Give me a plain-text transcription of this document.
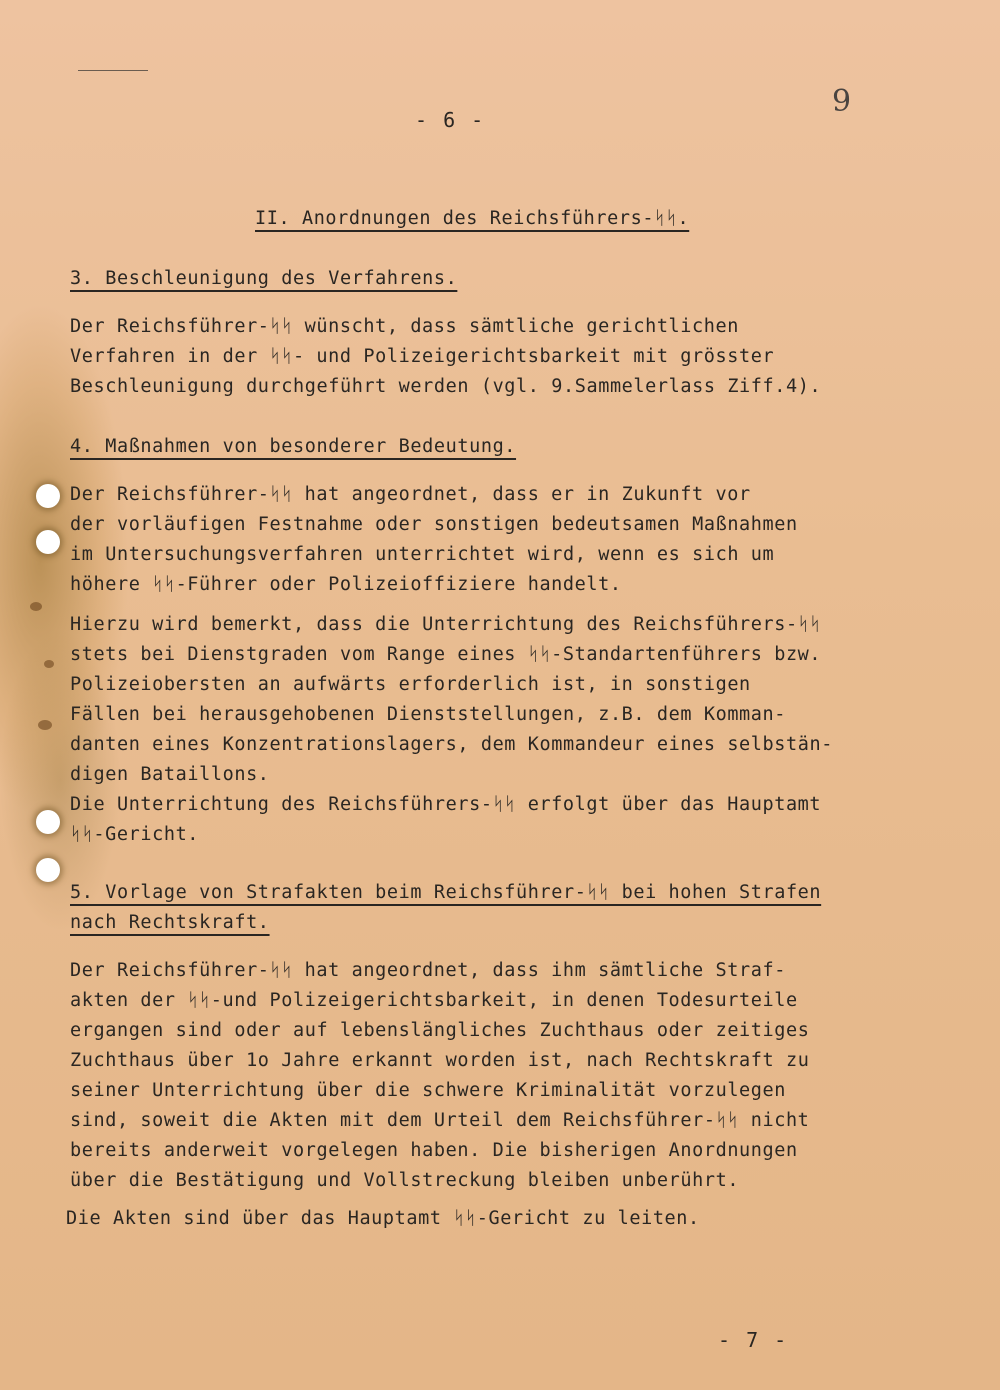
- 6 -
9
II. Anordnungen des Reichsführers-ᛋᛋ.
3. Beschleunigung des Verfahrens.
Der Reichsführer-ᛋᛋ wünscht, dass sämtliche gerichtlichen
Verfahren in der ᛋᛋ- und Polizeigerichtsbarkeit mit grösster
Beschleunigung durchgeführt werden (vgl. 9.Sammelerlass Ziff.4).
4. Maßnahmen von besonderer Bedeutung.
Der Reichsführer-ᛋᛋ hat angeordnet, dass er in Zukunft vor
der vorläufigen Festnahme oder sonstigen bedeutsamen Maßnahmen
im Untersuchungsverfahren unterrichtet wird, wenn es sich um
höhere ᛋᛋ-Führer oder Polizeioffiziere handelt.
Hierzu wird bemerkt, dass die Unterrichtung des Reichsführers-ᛋᛋ
stets bei Dienstgraden vom Range eines ᛋᛋ-Standartenführers bzw.
Polizeiobersten an aufwärts erforderlich ist, in sonstigen
Fällen bei herausgehobenen Dienststellungen, z.B. dem Komman-
danten eines Konzentrationslagers, dem Kommandeur eines selbstän-
digen Bataillons.
Die Unterrichtung des Reichsführers-ᛋᛋ erfolgt über das Hauptamt
ᛋᛋ-Gericht.
5. Vorlage von Strafakten beim Reichsführer-ᛋᛋ bei hohen Strafen
nach Rechtskraft.
Der Reichsführer-ᛋᛋ hat angeordnet, dass ihm sämtliche Straf-
akten der ᛋᛋ-und Polizeigerichtsbarkeit, in denen Todesurteile
ergangen sind oder auf lebenslängliches Zuchthaus oder zeitiges
Zuchthaus über 1o Jahre erkannt worden ist, nach Rechtskraft zu
seiner Unterrichtung über die schwere Kriminalität vorzulegen
sind, soweit die Akten mit dem Urteil dem Reichsführer-ᛋᛋ nicht
bereits anderweit vorgelegen haben. Die bisherigen Anordnungen
über die Bestätigung und Vollstreckung bleiben unberührt.
Die Akten sind über das Hauptamt ᛋᛋ-Gericht zu leiten.
- 7 -
